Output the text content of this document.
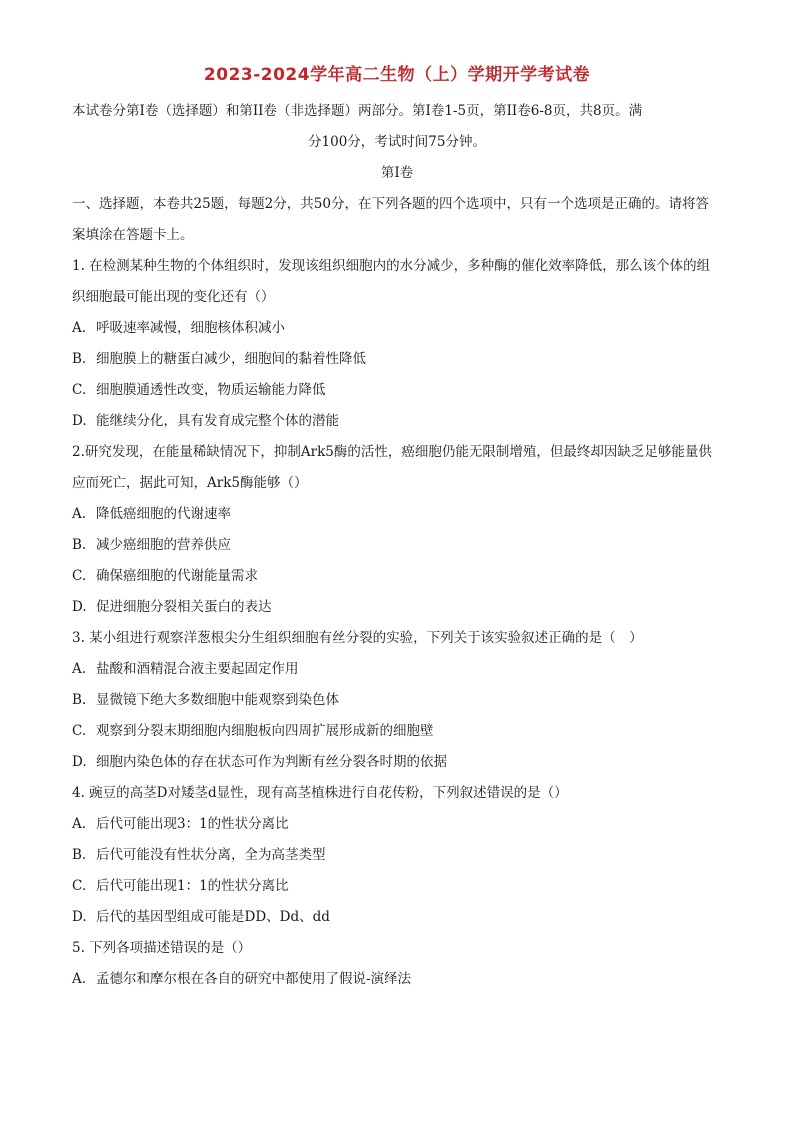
2023-2024学年高二生物（上）学期开学考试卷

本试卷分第I卷（选择题）和第II卷（非选择题）两部分。第I卷1-5页，第II卷6-8页，共8页。满
分100分，考试时间75分钟。

第I卷

一、选择题，本卷共25题，每题2分，共50分，在下列各题的四个选项中，只有一个选项是正确的。请将答案填涂在答题卡上。

1. 在检测某种生物的个体组织时，发现该组织细胞内的水分减少，多种酶的催化效率降低，那么该个体的组织细胞最可能出现的变化还有（）

A. 呼吸速率减慢，细胞核体积减小

B. 细胞膜上的糖蛋白减少，细胞间的黏着性降低

C. 细胞膜通透性改变，物质运输能力降低

D. 能继续分化，具有发育成完整个体的潜能

2.研究发现，在能量稀缺情况下，抑制Ark5酶的活性，癌细胞仍能无限制增殖，但最终却因缺乏足够能量供应而死亡，据此可知，Ark5酶能够（）

A. 降低癌细胞的代谢速率

B. 减少癌细胞的营养供应

C. 确保癌细胞的代谢能量需求

D. 促进细胞分裂相关蛋白的表达

3. 某小组进行观察洋葱根尖分生组织细胞有丝分裂的实验，下列关于该实验叙述正确的是（　）

A. 盐酸和酒精混合液主要起固定作用

B. 显微镜下绝大多数细胞中能观察到染色体

C. 观察到分裂末期细胞内细胞板向四周扩展形成新的细胞壁

D. 细胞内染色体的存在状态可作为判断有丝分裂各时期的依据

4. 豌豆的高茎D对矮茎d显性，现有高茎植株进行自花传粉，下列叙述错误的是（）

A. 后代可能出现3：1的性状分离比

B. 后代可能没有性状分离，全为高茎类型

C. 后代可能出现1：1的性状分离比

D. 后代的基因型组成可能是DD、Dd、dd

5. 下列各项描述错误的是（）

A. 孟德尔和摩尔根在各自的研究中都使用了假说-演绎法
